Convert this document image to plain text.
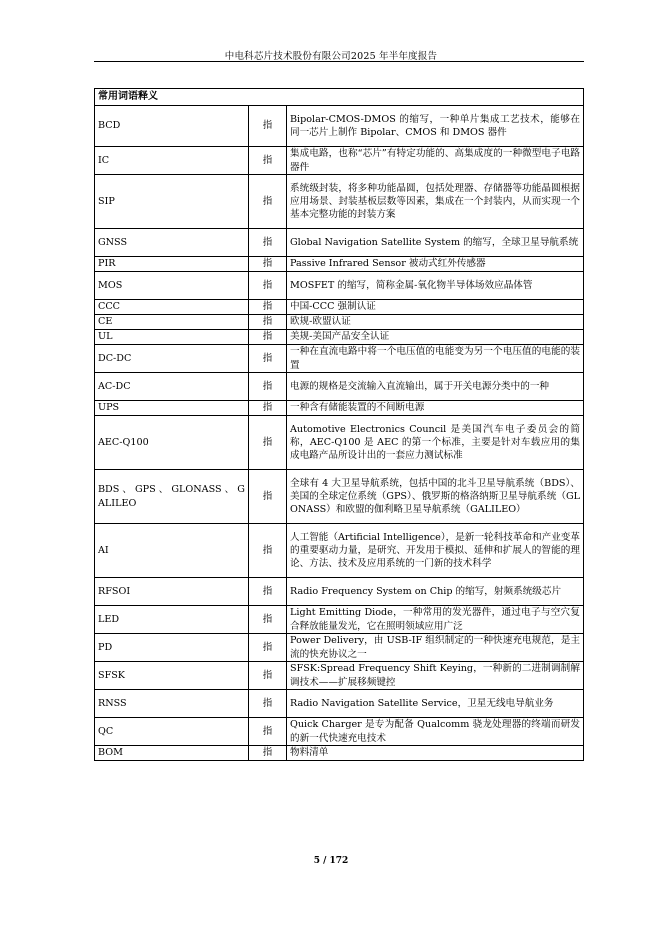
中电科芯片技术股份有限公司2025 年半年度报告
常用词语释义		
BCD	指	Bipolar-CMOS-DMOS 的缩写，一种单片集成工艺技术，能够在同一芯片上制作 Bipolar、CMOS 和 DMOS 器件
IC	指	集成电路，也称“芯片”有特定功能的、高集成度的一种微型电子电路器件
SIP	指	系统级封装，将多种功能晶圆，包括处理器、存储器等功能晶圆根据应用场景、封装基板层数等因素，集成在一个封装内，从而实现一个基本完整功能的封装方案
GNSS	指	Global Navigation Satellite System 的缩写，全球卫星导航系统
PIR	指	Passive Infrared Sensor 被动式红外传感器
MOS	指	MOSFET 的缩写，简称金属-氧化物半导体场效应晶体管
CCC	指	中国-CCC 强制认证
CE	指	欧规-欧盟认证
UL	指	美规-美国产品安全认证
DC-DC	指	一种在直流电路中将一个电压值的电能变为另一个电压值的电能的装置
AC-DC	指	电源的规格是交流输入直流输出，属于开关电源分类中的一种
UPS	指	一种含有储能装置的不间断电源
AEC-Q100	指	Automotive Electronics Council 是美国汽车电子委员会的简称，AEC-Q100 是 AEC 的第一个标准，主要是针对车载应用的集成电路产品所设计出的一套应力测试标准
BDS 、 GPS 、 GLONASS 、 GALILEO	指	全球有 4 大卫星导航系统，包括中国的北斗卫星导航系统（BDS）、美国的全球定位系统（GPS）、俄罗斯的格洛纳斯卫星导航系统（GLONASS）和欧盟的伽利略卫星导航系统（GALILEO）
AI	指	人工智能（Artificial Intelligence），是新一轮科技革命和产业变革的重要驱动力量，是研究、开发用于模拟、延伸和扩展人的智能的理论、方法、技术及应用系统的一门新的技术科学
RFSOI	指	Radio Frequency System on Chip 的缩写，射频系统级芯片
LED	指	Light Emitting Diode，一种常用的发光器件，通过电子与空穴复合释放能量发光，它在照明领域应用广泛
PD	指	Power Delivery，由 USB-IF 组织制定的一种快速充电规范，是主流的快充协议之一
SFSK	指	SFSK:Spread Frequency Shift Keying，一种新的二进制调制解调技术——扩展移频键控
RNSS	指	Radio Navigation Satellite Service，卫星无线电导航业务
QC	指	Quick Charger 是专为配备 Qualcomm 骁龙处理器的终端而研发的新一代快速充电技术
BOM	指	物料清单
5 / 172
